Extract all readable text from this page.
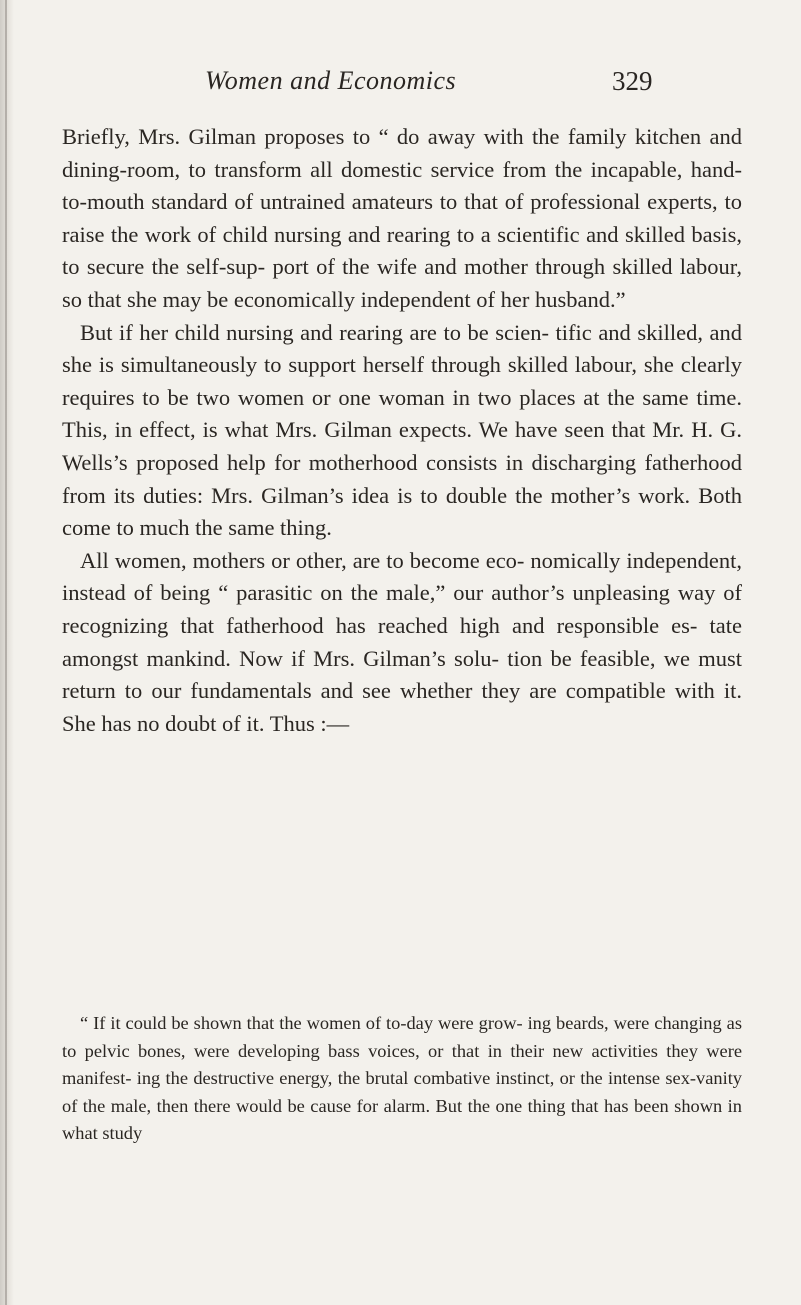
Women and Economics	329

Briefly, Mrs. Gilman proposes to “ do away with the family kitchen and dining-room, to transform all domestic service from the incapable, hand-to-mouth standard of untrained amateurs to that of professional experts, to raise the work of child nursing and rearing to a scientific and skilled basis, to secure the self-sup- port of the wife and mother through skilled labour, so that she may be economically independent of her husband.”

But if her child nursing and rearing are to be scien- tific and skilled, and she is simultaneously to support herself through skilled labour, she clearly requires to be two women or one woman in two places at the same time. This, in effect, is what Mrs. Gilman expects. We have seen that Mr. H. G. Wells’s proposed help for motherhood consists in discharging fatherhood from its duties: Mrs. Gilman’s idea is to double the mother’s work. Both come to much the same thing.

All women, mothers or other, are to become eco- nomically independent, instead of being “ parasitic on the male,” our author’s unpleasing way of recognizing that fatherhood has reached high and responsible es- tate amongst mankind. Now if Mrs. Gilman’s solu- tion be feasible, we must return to our fundamentals and see whether they are compatible with it. She has no doubt of it. Thus :—

“ If it could be shown that the women of to-day were grow- ing beards, were changing as to pelvic bones, were developing bass voices, or that in their new activities they were manifest- ing the destructive energy, the brutal combative instinct, or the intense sex-vanity of the male, then there would be cause for alarm. But the one thing that has been shown in what study
